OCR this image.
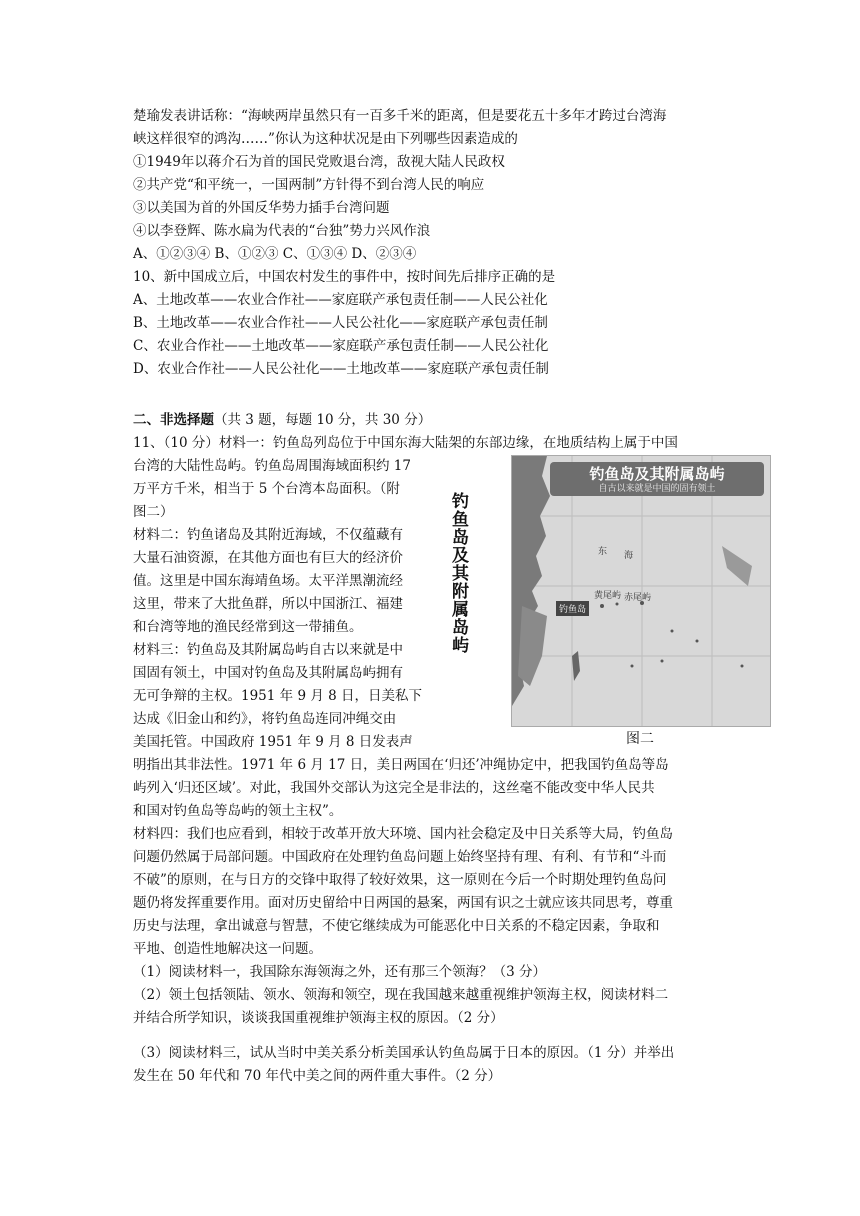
楚瑜发表讲话称：“海峡两岸虽然只有一百多千米的距离，但是要花五十多年才跨过台湾海
峡这样很窄的鸿沟……”你认为这种状况是由下列哪些因素造成的
①1949年以蒋介石为首的国民党败退台湾，敌视大陆人民政权
②共产党“和平统一，一国两制”方针得不到台湾人民的响应
③以美国为首的外国反华势力插手台湾问题
④以李登辉、陈水扁为代表的“台独”势力兴风作浪
A、①②③④ B、①②③ C、①③④ D、②③④
10、新中国成立后，中国农村发生的事件中，按时间先后排序正确的是
A、土地改革——农业合作社——家庭联产承包责任制——人民公社化
B、土地改革——农业合作社——人民公社化——家庭联产承包责任制
C、农业合作社——土地改革——家庭联产承包责任制——人民公社化
D、农业合作社——人民公社化——土地改革——家庭联产承包责任制
二、非选择题（共 3 题，每题 10 分，共 30 分）
11、（10 分）材料一：钓鱼岛列岛位于中国东海大陆架的东部边缘，在地质结构上属于中国
台湾的大陆性岛屿。钓鱼岛周围海域面积约 17
万平方千米，相当于 5 个台湾本岛面积。（附
图二）
材料二：钓鱼诸岛及其附近海域，不仅蕴藏有
大量石油资源，在其他方面也有巨大的经济价
值。这里是中国东海靖鱼场。太平洋黑潮流经
这里，带来了大批鱼群，所以中国浙江、福建
和台湾等地的渔民经常到这一带捕鱼。
材料三：钓鱼岛及其附属岛屿自古以来就是中
国固有领土，中国对钓鱼岛及其附属岛屿拥有
无可争辩的主权。1951 年 9 月 8 日，日美私下
达成《旧金山和约》，将钓鱼岛连同冲绳交由
美国托管。中国政府 1951 年 9 月 8 日发表声
明指出其非法性。1971 年 6 月 17 日，美日两国在‘归还’冲绳协定中，把我国钓鱼岛等岛
屿列入‘归还区域’。对此，我国外交部认为这完全是非法的，这丝毫不能改变中华人民共
和国对钓鱼岛等岛屿的领土主权”。
材料四：我们也应看到，相较于改革开放大环境、国内社会稳定及中日关系等大局，钓鱼岛
问题仍然属于局部问题。中国政府在处理钓鱼岛问题上始终坚持有理、有利、有节和“斗而
不破”的原则，在与日方的交锋中取得了较好效果，这一原则在今后一个时期处理钓鱼岛问
题仍将发挥重要作用。面对历史留给中日两国的悬案，两国有识之士就应该共同思考，尊重
历史与法理，拿出诚意与智慧，不使它继续成为可能恶化中日关系的不稳定因素，争取和
平地、创造性地解决这一问题。
（1）阅读材料一，我国除东海领海之外，还有那三个领海？（3 分）
（2）领土包括领陆、领水、领海和领空，现在我国越来越重视维护领海主权，阅读材料二
并结合所学知识，谈谈我国重视维护领海主权的原因。（2 分）
（3）阅读材料三，试从当时中美关系分析美国承认钓鱼岛属于日本的原因。（1 分）并举出
发生在 50 年代和 70 年代中美之间的两件重大事件。（2 分）
钓鱼岛及其附属岛屿
钓鱼岛及其附属岛屿
自古以来就是中国的固有领土
东 海
黄尾屿 赤尾屿
钓鱼岛
图二
